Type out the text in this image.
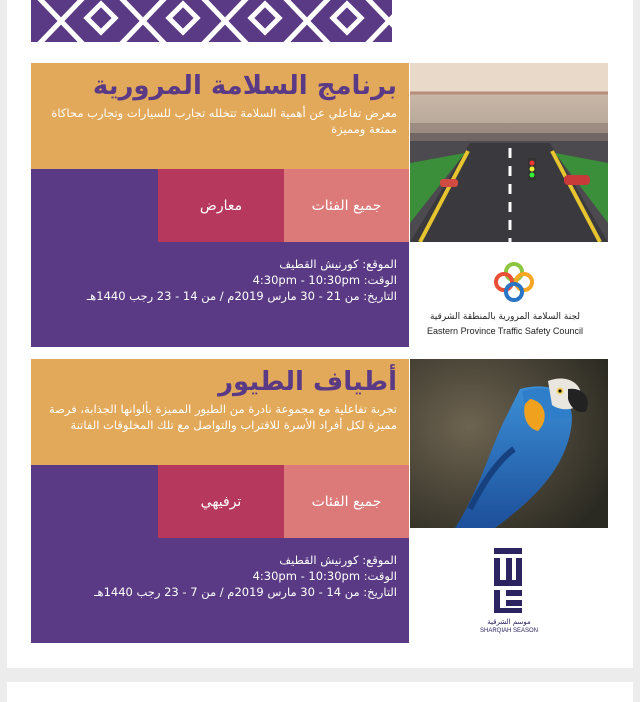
برنامج السلامة المرورية
معرض تفاعلي عن أهمية السلامة تتخلله تجارب للسيارات وتجارب محاكاة ممتعة ومميزة
معارض	جميع الفئات
الموقع: كورنيش القطيف
الوقت: 4:30pm - 10:30pm
التاريخ: من 21 - 30 مارس 2019م / من 14 - 23 رجب 1440هـ
لجنة السلامة المرورية بالمنطقة الشرقية
Eastern Province Traffic Safety Council
أطياف الطيور
تجربة تفاعلية مع مجموعة نادرة من الطيور المميزة بألوانها الجذابة، فرصة مميزة لكل أفراد الأسرة للاقتراب والتواصل مع تلك المخلوقات الفاتنة
ترفيهي	جميع الفئات
الموقع: كورنيش القطيف
الوقت: 4:30pm - 10:30pm
التاريخ: من 14 - 30 مارس 2019م / من 7 - 23 رجب 1440هـ
موسم الشرقية
SHARQIAH SEASON
